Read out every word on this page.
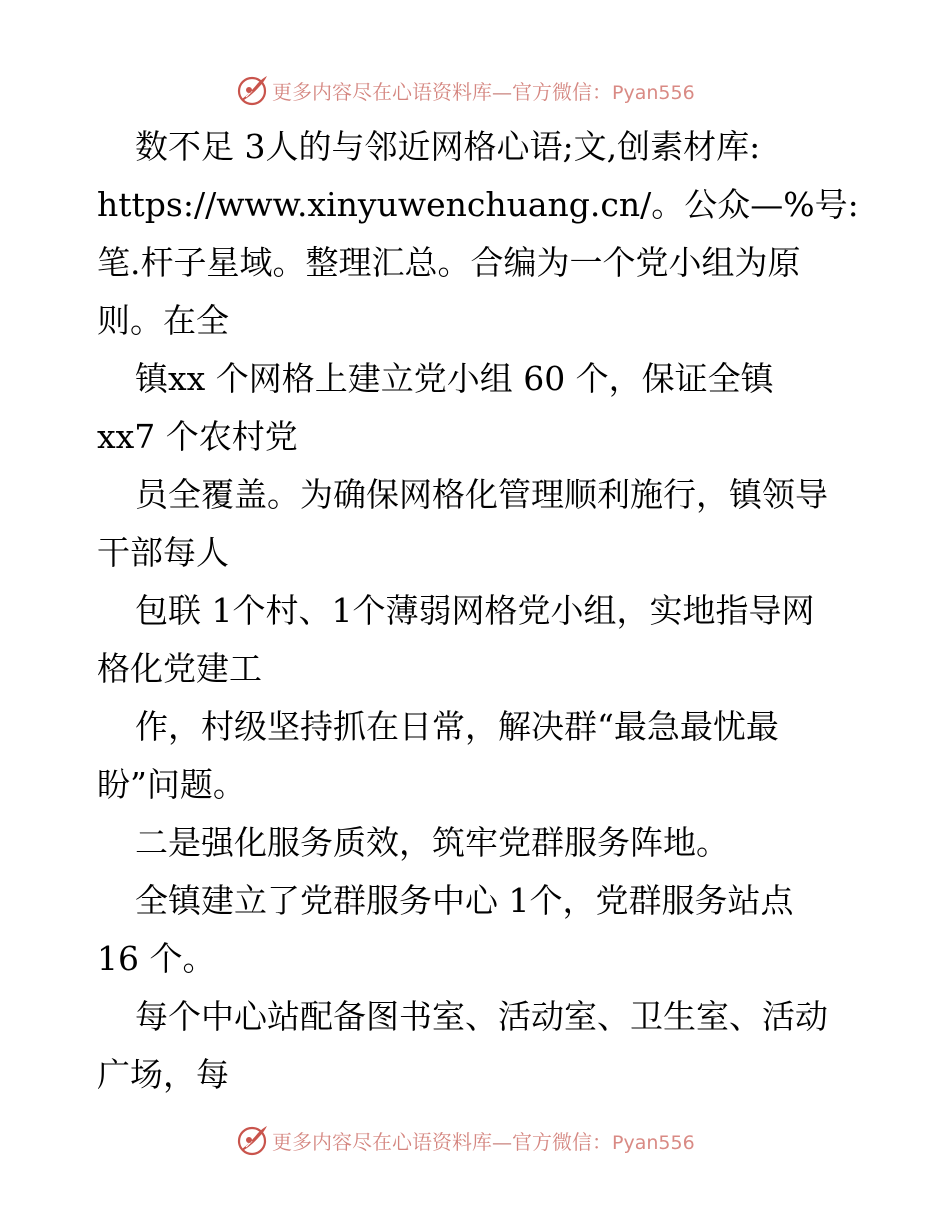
更多内容尽在心语资料库—官方微信：Pyan556
数不足 3人的与邻近网格心语;文,创素材库:
https://www.xinyuwenchuang.cn/。公众—%号:
笔.杆子星域。整理汇总。合编为一个党小组为原
则。在全
镇xx 个网格上建立党小组 60 个，保证全镇
xx7 个农村党
员全覆盖。为确保网格化管理顺利施行，镇领导
干部每人
包联 1个村、1个薄弱网格党小组，实地指导网
格化党建工
作，村级坚持抓在日常，解决群“最急最忧最
盼”问题。
二是强化服务质效，筑牢党群服务阵地。
全镇建立了党群服务中心 1个，党群服务站点
16 个。
每个中心站配备图书室、活动室、卫生室、活动
广场，每
更多内容尽在心语资料库—官方微信：Pyan556
